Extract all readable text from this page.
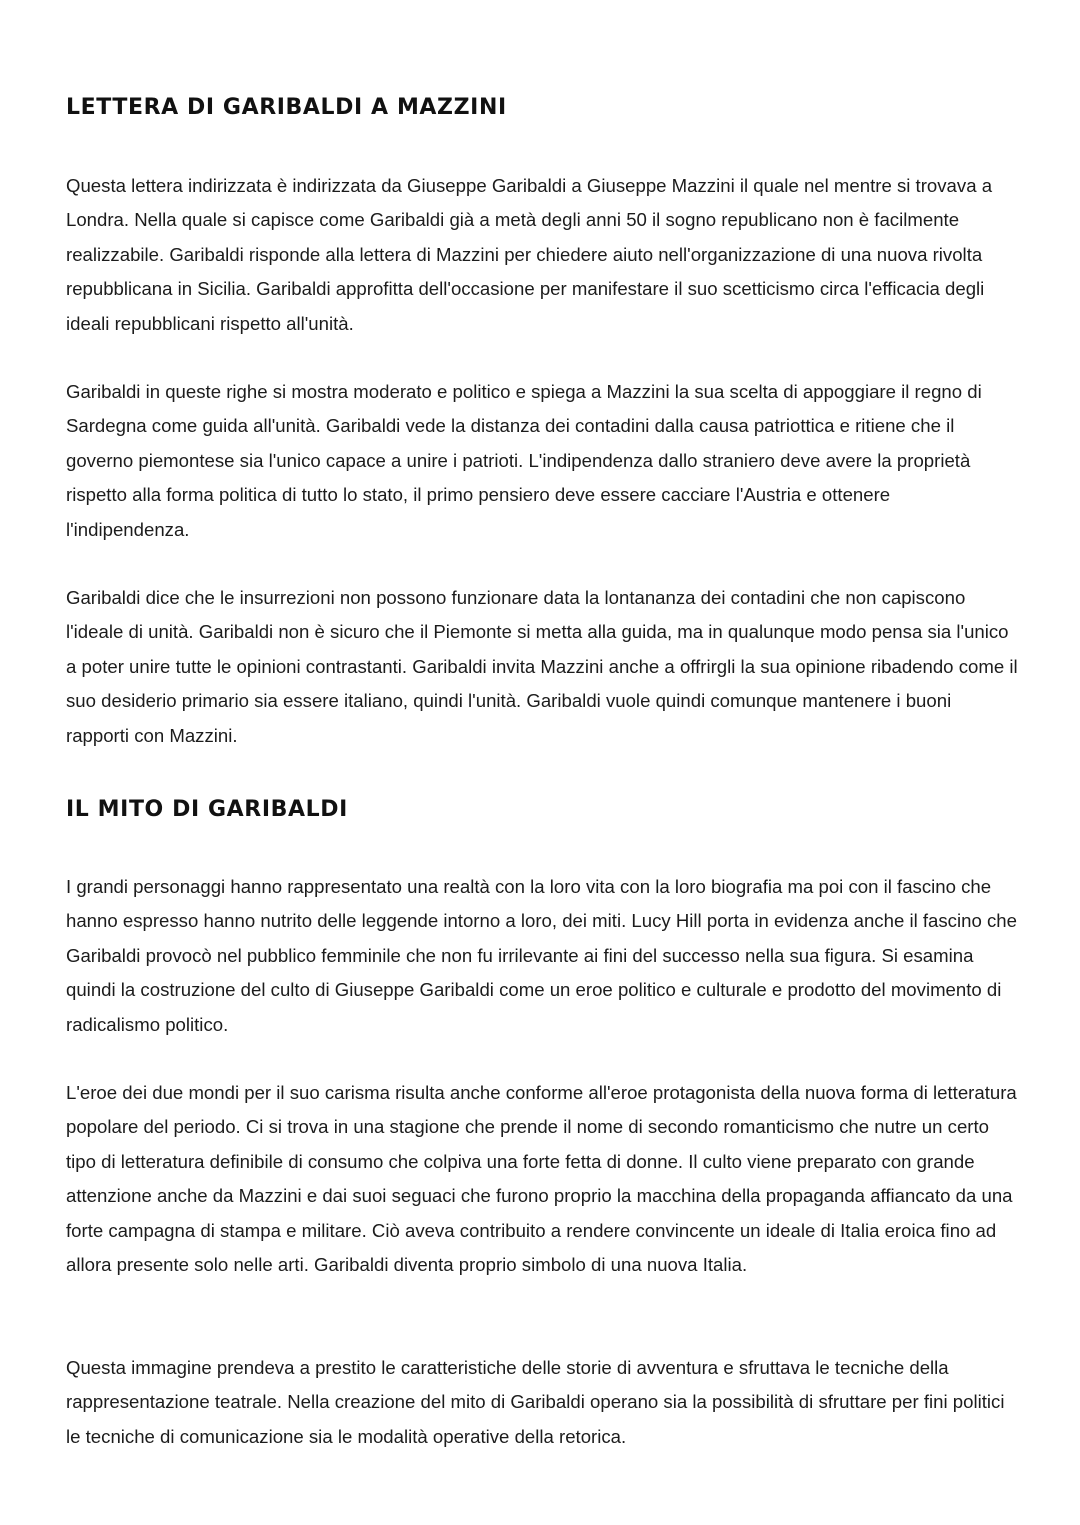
LETTERA DI GARIBALDI A MAZZINI

Questa lettera indirizzata è indirizzata da Giuseppe Garibaldi a Giuseppe Mazzini il quale nel mentre si trovava a Londra. Nella quale si capisce come Garibaldi già a metà degli anni 50 il sogno republicano non è facilmente realizzabile. Garibaldi risponde alla lettera di Mazzini per chiedere aiuto nell'organizzazione di una nuova rivolta repubblicana in Sicilia. Garibaldi approfitta dell'occasione per manifestare il suo scetticismo circa l'efficacia degli ideali repubblicani rispetto all'unità.

Garibaldi in queste righe si mostra moderato e politico e spiega a Mazzini la sua scelta di appoggiare il regno di Sardegna come guida all'unità. Garibaldi vede la distanza dei contadini dalla causa patriottica e ritiene che il governo piemontese sia l'unico capace a unire i patrioti. L'indipendenza dallo straniero deve avere la proprietà rispetto alla forma politica di tutto lo stato, il primo pensiero deve essere cacciare l'Austria e ottenere l'indipendenza.

Garibaldi dice che le insurrezioni non possono funzionare data la lontananza dei contadini che non capiscono l'ideale di unità. Garibaldi non è sicuro che il Piemonte si metta alla guida, ma in qualunque modo pensa sia l'unico a poter unire tutte le opinioni contrastanti. Garibaldi invita Mazzini anche a offrirgli la sua opinione ribadendo come il suo desiderio primario sia essere italiano, quindi l'unità. Garibaldi vuole quindi comunque mantenere i buoni rapporti con Mazzini.

IL MITO DI GARIBALDI

I grandi personaggi hanno rappresentato una realtà con la loro vita con la loro biografia ma poi con il fascino che hanno espresso hanno nutrito delle leggende intorno a loro, dei miti. Lucy Hill porta in evidenza anche il fascino che Garibaldi provocò nel pubblico femminile che non fu irrilevante ai fini del successo nella sua figura. Si esamina quindi la costruzione del culto di Giuseppe Garibaldi come un eroe politico e culturale e prodotto del movimento di radicalismo politico.

L'eroe dei due mondi per il suo carisma risulta anche conforme all'eroe protagonista della nuova forma di letteratura popolare del periodo. Ci si trova in una stagione che prende il nome di secondo romanticismo che nutre un certo tipo di letteratura definibile di consumo che colpiva una forte fetta di donne. Il culto viene preparato con grande attenzione anche da Mazzini e dai suoi seguaci che furono proprio la macchina della propaganda affiancato da una forte campagna di stampa e militare. Ciò aveva contribuito a rendere convincente un ideale di Italia eroica fino ad allora presente solo nelle arti. Garibaldi diventa proprio simbolo di una nuova Italia.

Questa immagine prendeva a prestito le caratteristiche delle storie di avventura e sfruttava le tecniche della rappresentazione teatrale. Nella creazione del mito di Garibaldi operano sia la possibilità di sfruttare per fini politici le tecniche di comunicazione sia le modalità operative della retorica.
